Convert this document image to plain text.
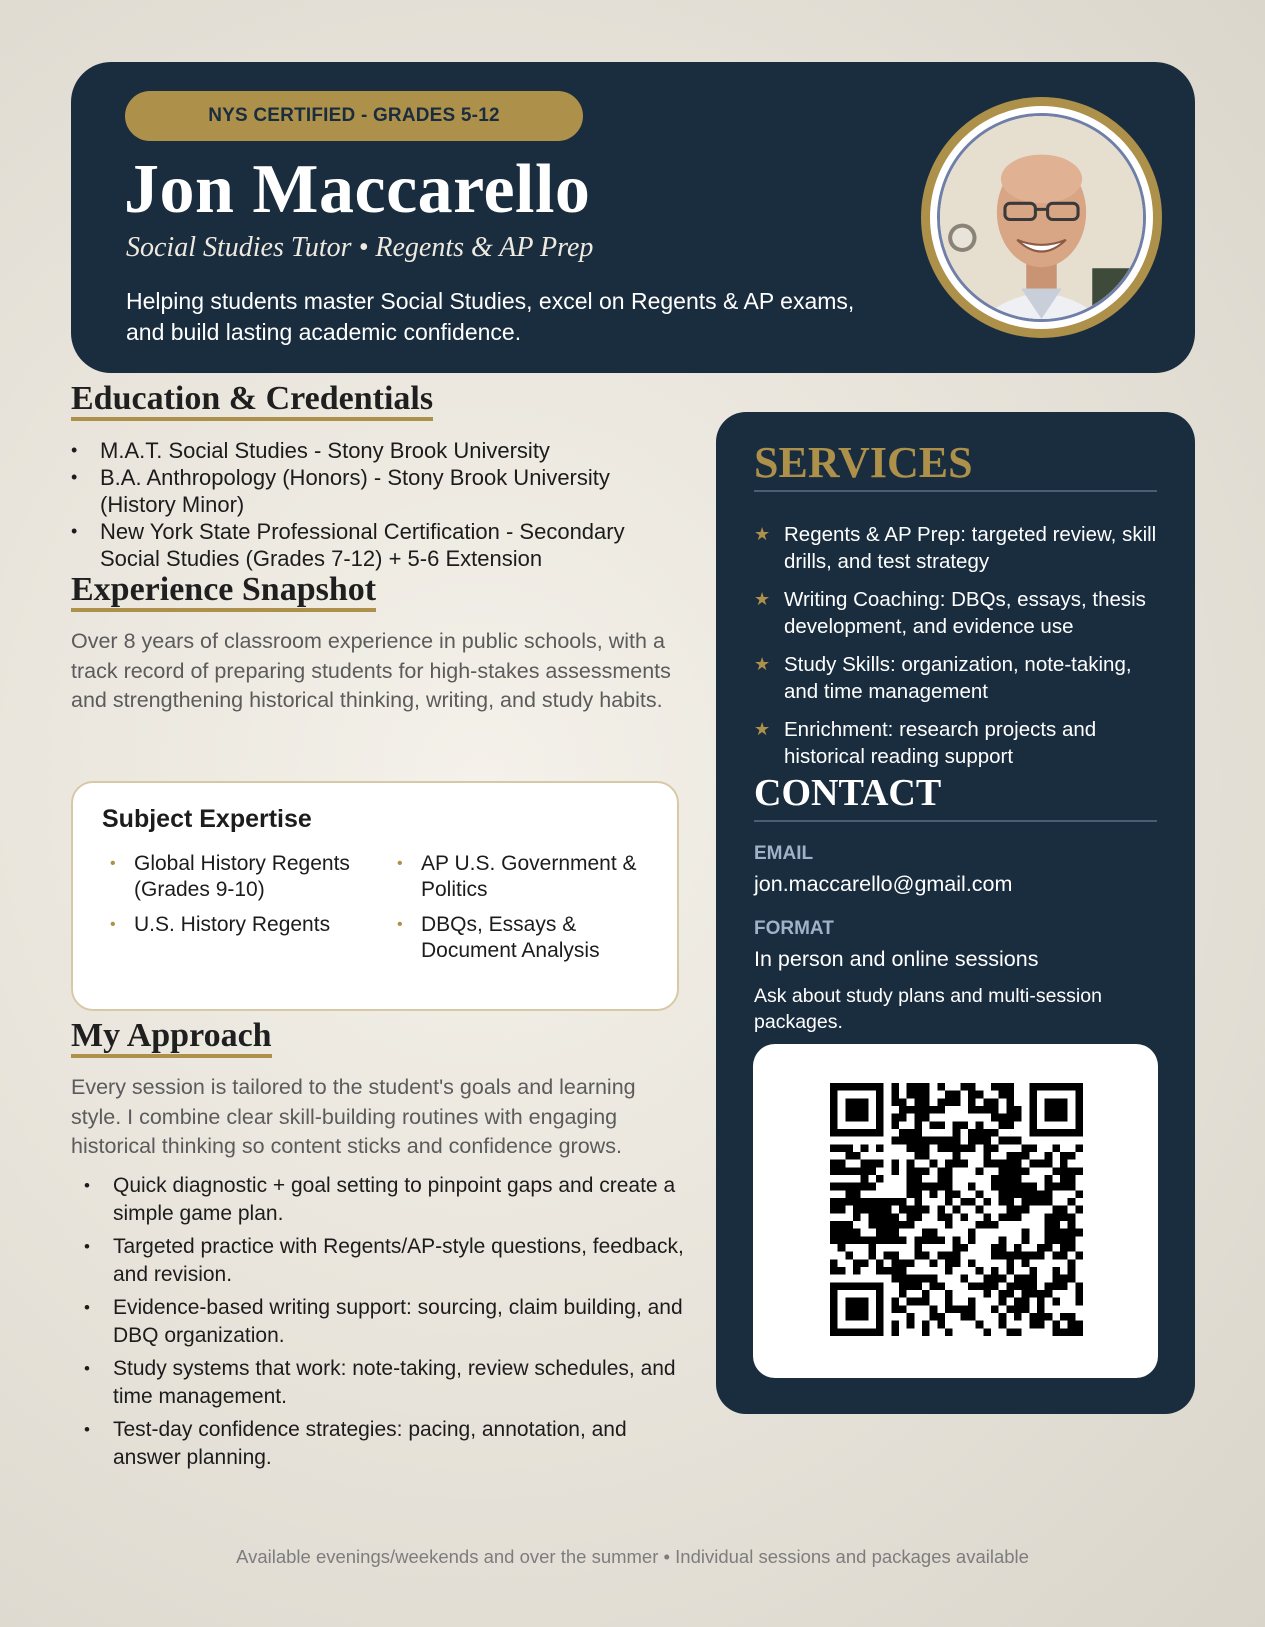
NYS CERTIFIED - GRADES 5-12
Jon Maccarello
Social Studies Tutor • Regents & AP Prep
Helping students master Social Studies, excel on Regents & AP exams, and build lasting academic confidence.
Education & Credentials
• M.A.T. Social Studies - Stony Brook University
• B.A. Anthropology (Honors) - Stony Brook University (History Minor)
• New York State Professional Certification - Secondary Social Studies (Grades 7-12) + 5-6 Extension
Experience Snapshot
Over 8 years of classroom experience in public schools, with a track record of preparing students for high-stakes assessments and strengthening historical thinking, writing, and study habits.
Subject Expertise
• Global History Regents (Grades 9-10)
• U.S. History Regents
• AP U.S. Government & Politics
• DBQs, Essays & Document Analysis
My Approach
Every session is tailored to the student's goals and learning style. I combine clear skill-building routines with engaging historical thinking so content sticks and confidence grows.
• Quick diagnostic + goal setting to pinpoint gaps and create a simple game plan.
• Targeted practice with Regents/AP-style questions, feedback, and revision.
• Evidence-based writing support: sourcing, claim building, and DBQ organization.
• Study systems that work: note-taking, review schedules, and time management.
• Test-day confidence strategies: pacing, annotation, and answer planning.
SERVICES
★ Regents & AP Prep: targeted review, skill drills, and test strategy
★ Writing Coaching: DBQs, essays, thesis development, and evidence use
★ Study Skills: organization, note-taking, and time management
★ Enrichment: research projects and historical reading support
CONTACT
EMAIL
jon.maccarello@gmail.com
FORMAT
In person and online sessions
Ask about study plans and multi-session packages.
Available evenings/weekends and over the summer • Individual sessions and packages available
